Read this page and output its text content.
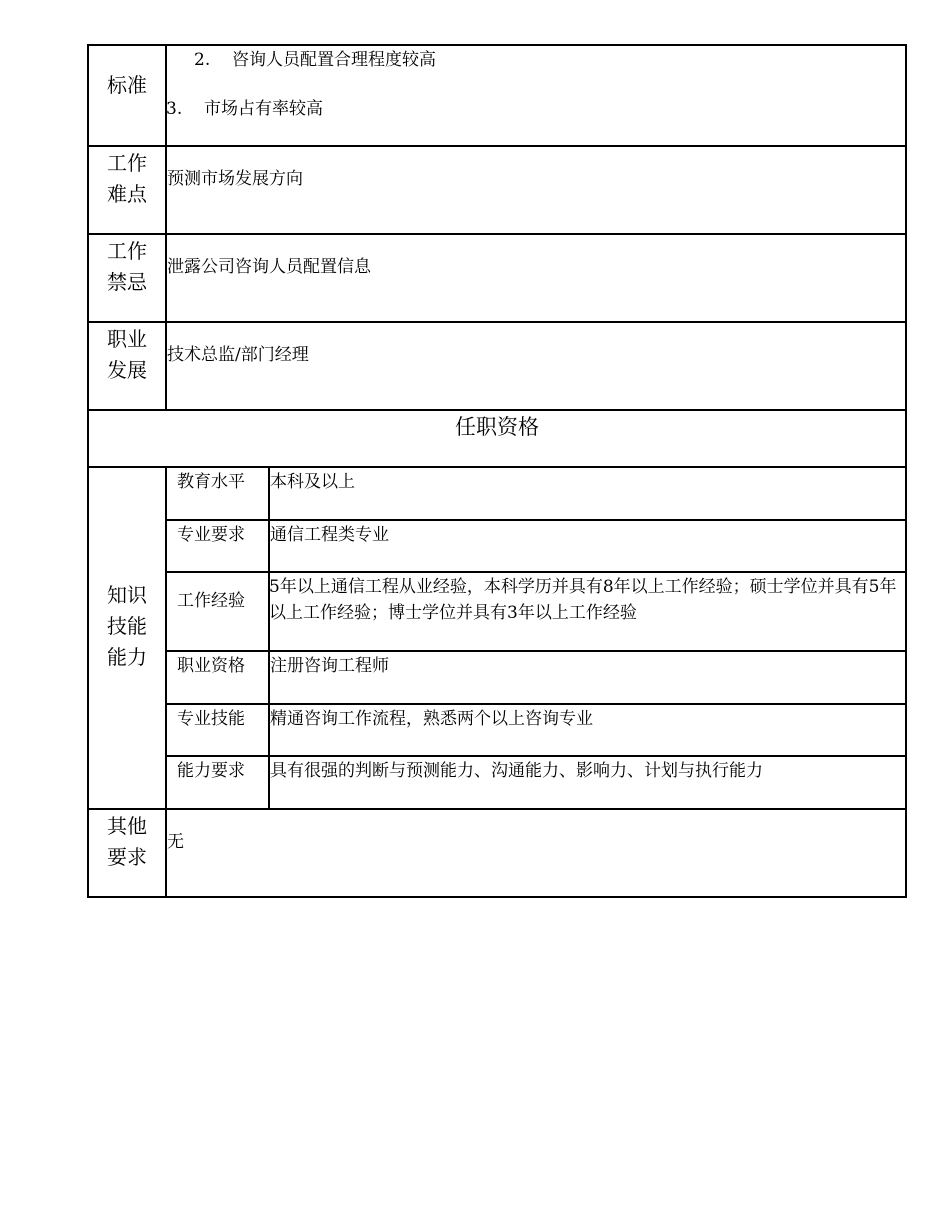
标准
2. 咨询人员配置合理程度较高
3. 市场占有率较高
工作
难点
预测市场发展方向
工作
禁忌
泄露公司咨询人员配置信息
职业
发展
技术总监/部门经理
任职资格
知识
技能
能力
教育水平 本科及以上
专业要求 通信工程类专业
工作经验
5年以上通信工程从业经验，本科学历并具有8年以上工作经验；硕士学位并具有5年以上工作经验；博士学位并具有3年以上工作经验
职业资格 注册咨询工程师
专业技能 精通咨询工作流程，熟悉两个以上咨询专业
能力要求 具有很强的判断与预测能力、沟通能力、影响力、计划与执行能力
其他
要求
无
